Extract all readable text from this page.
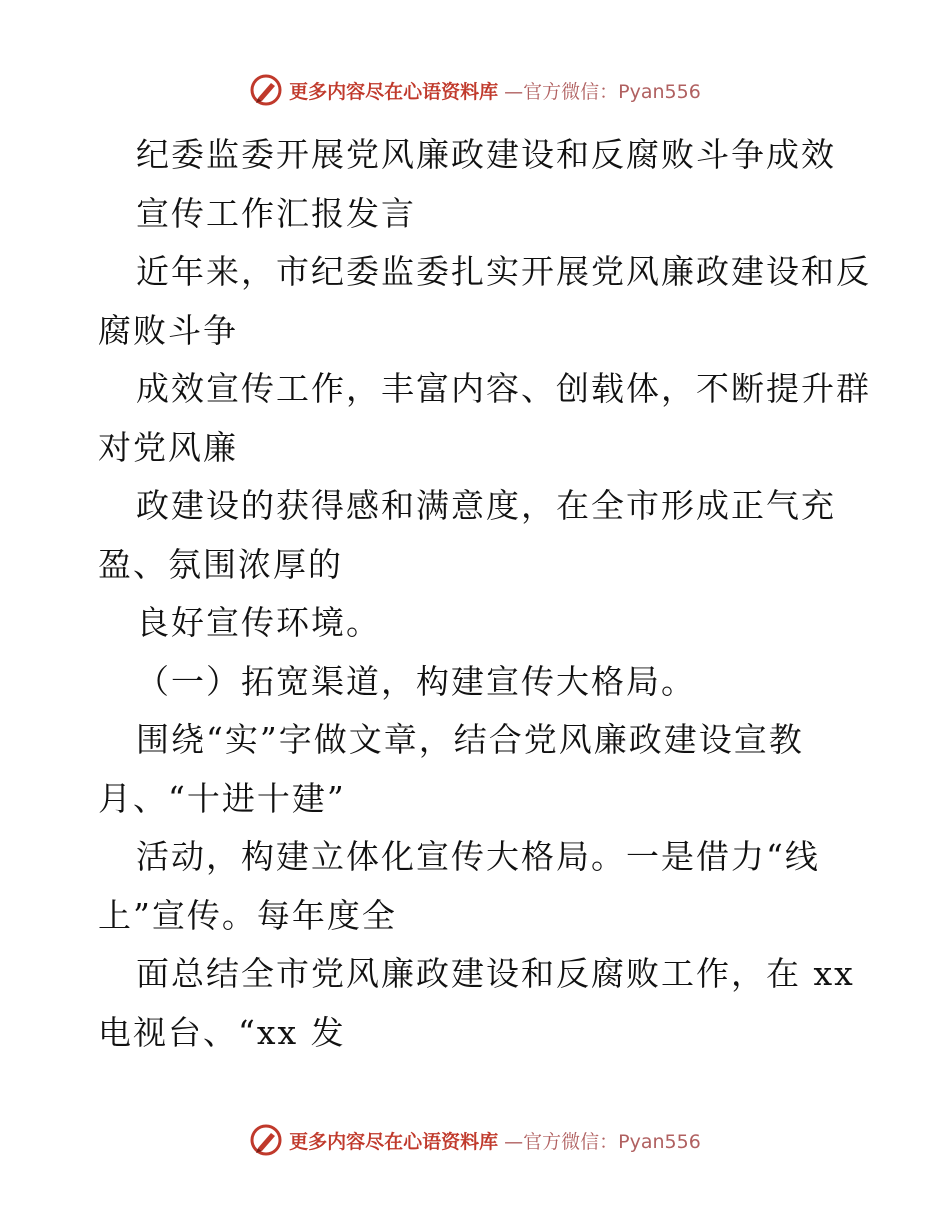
更多内容尽在心语资料库 —官方微信：Pyan556
纪委监委开展党风廉政建设和反腐败斗争成效
宣传工作汇报发言
近年来，市纪委监委扎实开展党风廉政建设和反
腐败斗争
成效宣传工作，丰富内容、创载体，不断提升群
对党风廉
政建设的获得感和满意度，在全市形成正气充
盈、氛围浓厚的
良好宣传环境。
（一）拓宽渠道，构建宣传大格局。
围绕“实”字做文章，结合党风廉政建设宣教
月、“十进十建”
活动，构建立体化宣传大格局。一是借力“线
上”宣传。每年度全
面总结全市党风廉政建设和反腐败工作，在 xx
电视台、“xx 发
更多内容尽在心语资料库 —官方微信：Pyan556
